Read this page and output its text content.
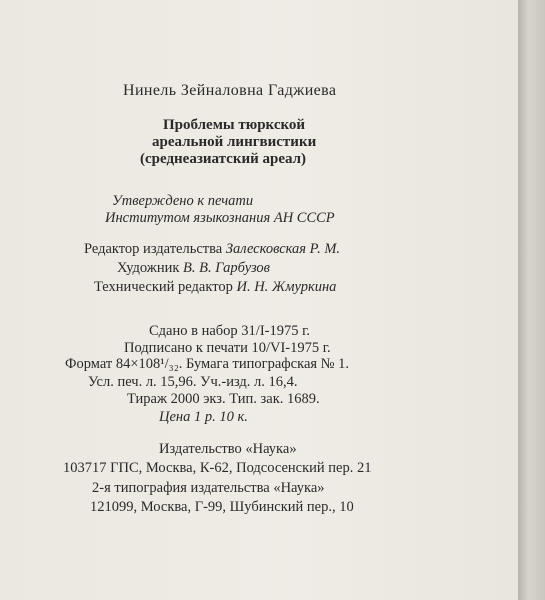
Нинель Зейналовна Гаджиева
Проблемы тюркской
ареальной лингвистики
(среднеазиатский ареал)
Утверждено к печати
Институтом языкознания АН СССР
Редактор издательства Залесковская Р. М.
Художник В. В. Гарбузов
Технический редактор И. Н. Жмуркина
Сдано в набор 31/I-1975 г.
Подписано к печати 10/VI-1975 г.
Формат 84×108¹/₃₂. Бумага типографская № 1.
Усл. печ. л. 15,96. Уч.-изд. л. 16,4.
Тираж 2000 экз. Тип. зак. 1689.
Цена 1 р. 10 к.
Издательство «Наука»
103717 ГПС, Москва, К-62, Подсосенский пер. 21
2-я типография издательства «Наука»
121099, Москва, Г-99, Шубинский пер., 10
